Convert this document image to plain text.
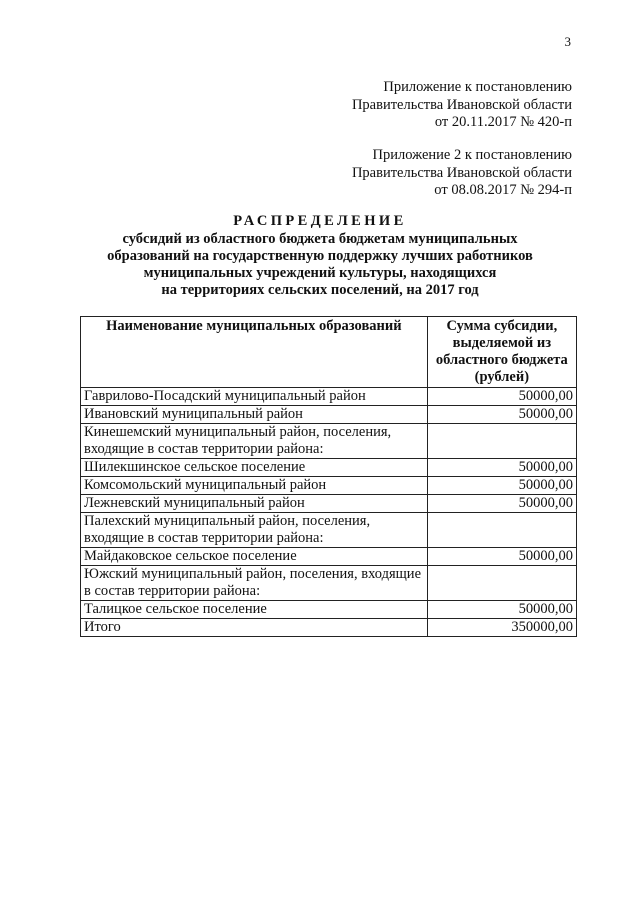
3
Приложение к постановлению
Правительства Ивановской области
от 20.11.2017 № 420-п
Приложение 2 к постановлению
Правительства Ивановской области
от 08.08.2017 № 294-п
РАСПРЕДЕЛЕНИЕ
субсидий из областного бюджета бюджетам муниципальных
образований на государственную поддержку лучших работников
муниципальных учреждений культуры, находящихся
на территориях сельских поселений, на 2017 год
Наименование муниципальных образований	Сумма субсидии, выделяемой из областного бюджета (рублей)
Гаврилово-Посадский муниципальный район	50000,00
Ивановский муниципальный район	50000,00
Кинешемский муниципальный район, поселения, входящие в состав территории района:	
Шилекшинское сельское поселение	50000,00
Комсомольский муниципальный район	50000,00
Лежневский муниципальный район	50000,00
Палехский муниципальный район, поселения, входящие в состав территории района:	
Майдаковское сельское поселение	50000,00
Южский муниципальный район, поселения, входящие в состав территории района:	
Талицкое сельское поселение	50000,00
Итого	350000,00
